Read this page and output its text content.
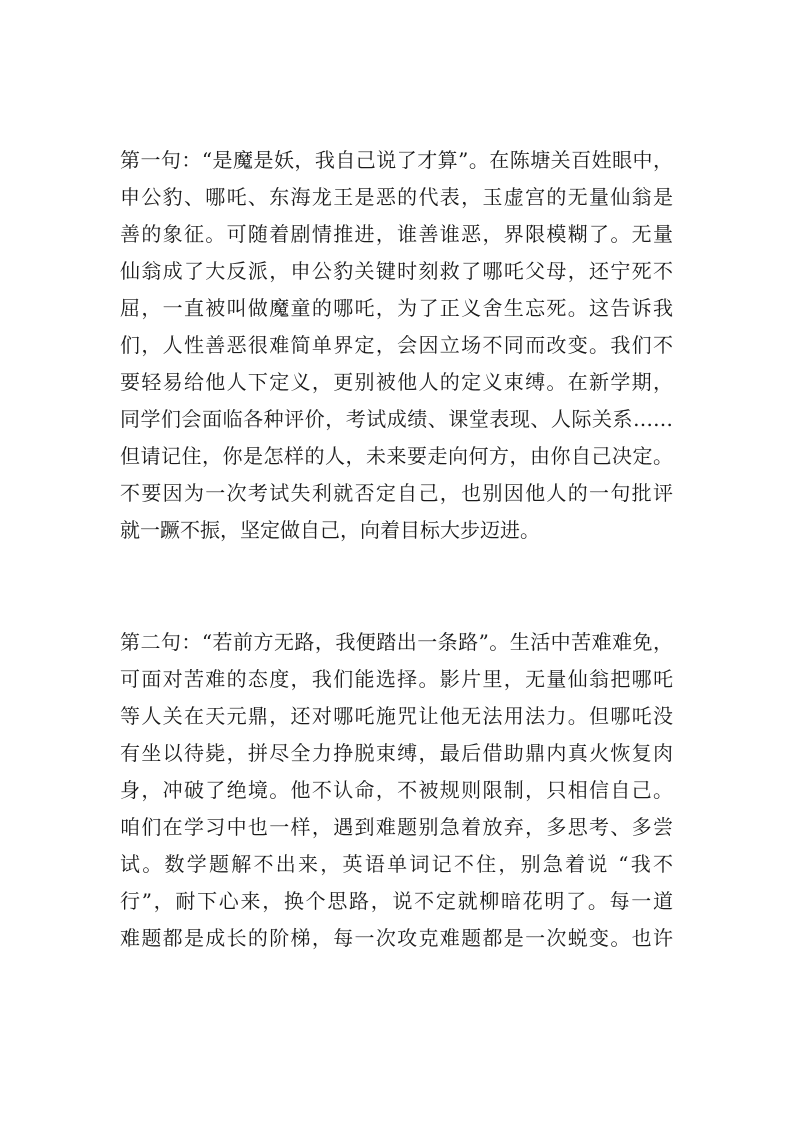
第一句：“是魔是妖，我自己说了才算”。在陈塘关百姓眼中，
申公豹、哪吒、东海龙王是恶的代表，玉虚宫的无量仙翁是
善的象征。可随着剧情推进，谁善谁恶，界限模糊了。无量
仙翁成了大反派，申公豹关键时刻救了哪吒父母，还宁死不
屈，一直被叫做魔童的哪吒，为了正义舍生忘死。这告诉我
们，人性善恶很难简单界定，会因立场不同而改变。我们不
要轻易给他人下定义，更别被他人的定义束缚。在新学期，
同学们会面临各种评价，考试成绩、课堂表现、人际关系……
但请记住，你是怎样的人，未来要走向何方，由你自己决定。
不要因为一次考试失利就否定自己，也别因他人的一句批评
就一蹶不振，坚定做自己，向着目标大步迈进。
第二句：“若前方无路，我便踏出一条路”。生活中苦难难免，
可面对苦难的态度，我们能选择。影片里，无量仙翁把哪吒
等人关在天元鼎，还对哪吒施咒让他无法用法力。但哪吒没
有坐以待毙，拼尽全力挣脱束缚，最后借助鼎内真火恢复肉
身，冲破了绝境。他不认命，不被规则限制，只相信自己。
咱们在学习中也一样，遇到难题别急着放弃，多思考、多尝
试。数学题解不出来，英语单词记不住，别急着说 “我不
行”，耐下心来，换个思路，说不定就柳暗花明了。每一道
难题都是成长的阶梯，每一次攻克难题都是一次蜕变。也许
